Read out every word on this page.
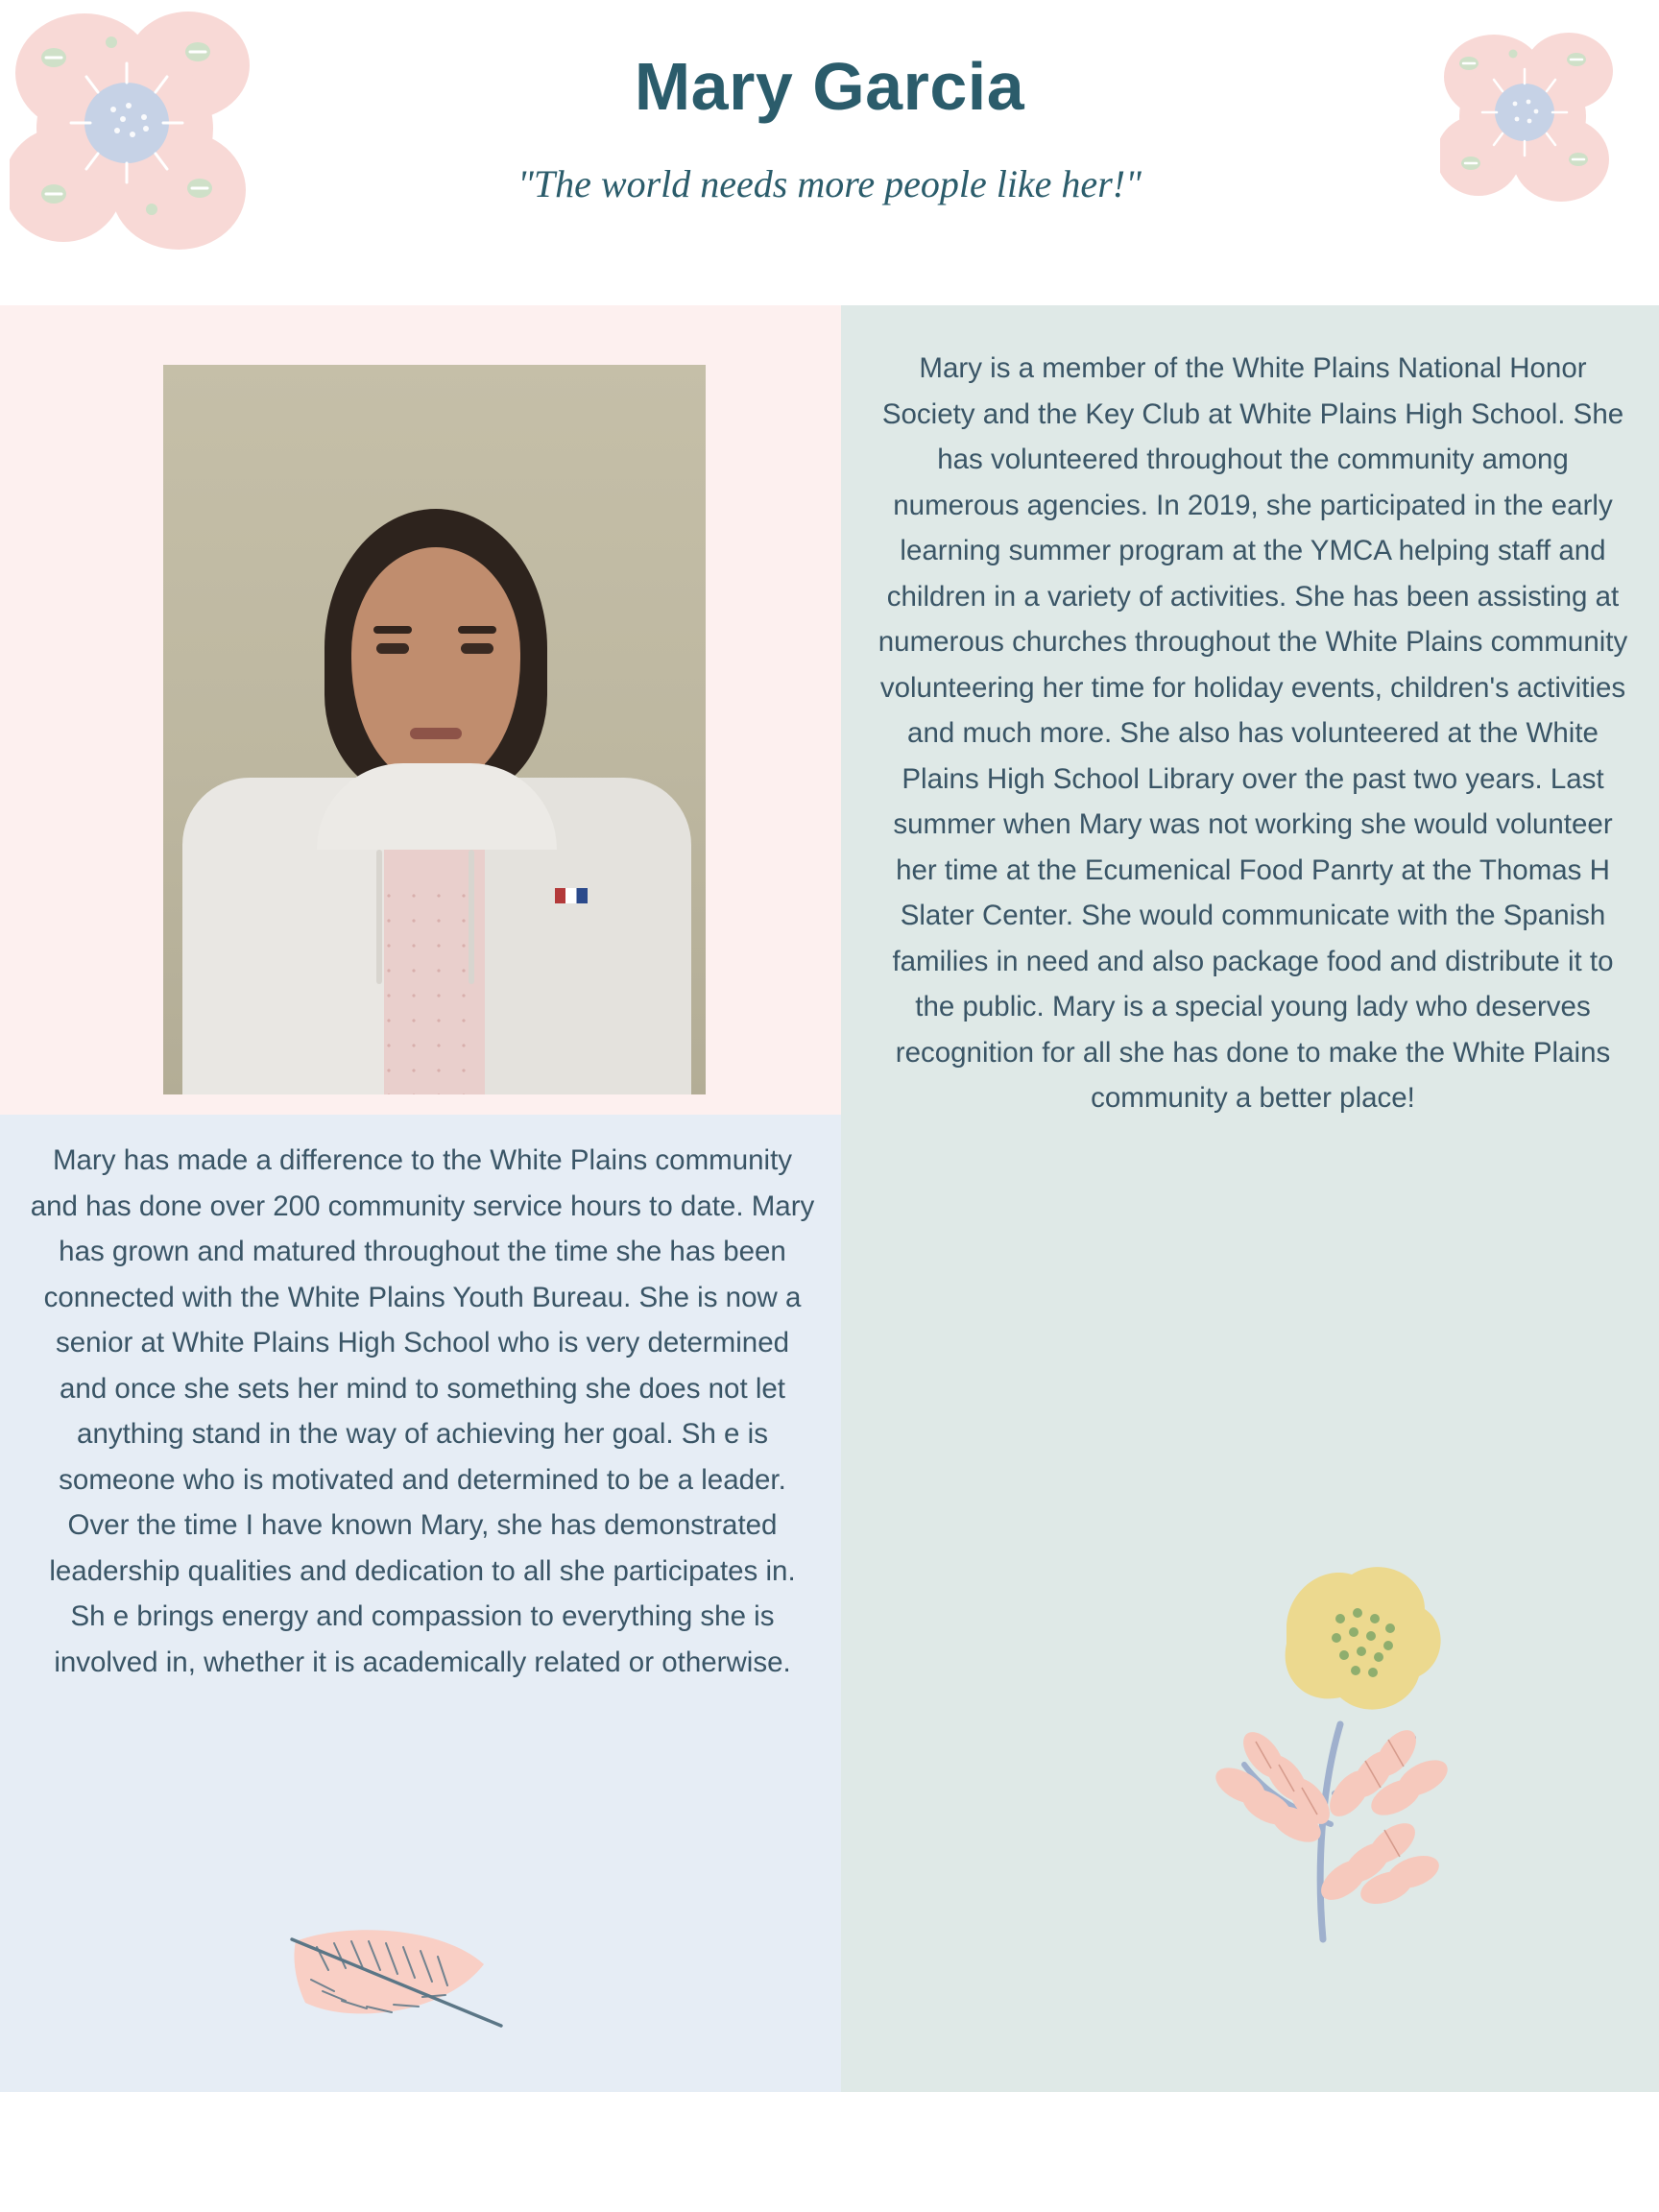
Mary Garcia
"The world needs more people like her!"
Mary is a member of the White Plains National Honor Society and the Key Club at White Plains High School. She has volunteered throughout the community among numerous agencies. In 2019, she participated in the early learning summer program at the YMCA helping staff and children in a variety of activities. She has been assisting at numerous churches throughout the White Plains community volunteering her time for holiday events, children's activities and much more. She also has volunteered at the White Plains High School Library over the past two years. Last summer when Mary was not working she would volunteer her time at the Ecumenical Food Panrty at the Thomas H Slater Center. She would communicate with the Spanish families in need and also package food and distribute it to the public. Mary is a special young lady who deserves recognition for all she has done to make the White Plains community a better place!
Mary has made a difference to the White Plains community and has done over 200 community service hours to date. Mary has grown and matured throughout the time she has been connected with the White Plains Youth Bureau. She is now a senior at White Plains High School who is very determined and once she sets her mind to something she does not let anything stand in the way of achieving her goal. Sh e is someone who is motivated and determined to be a leader. Over the time I have known Mary, she has demonstrated leadership qualities and dedication to all she participates in. Sh e brings energy and compassion to everything she is involved in, whether it is academically related or otherwise.
